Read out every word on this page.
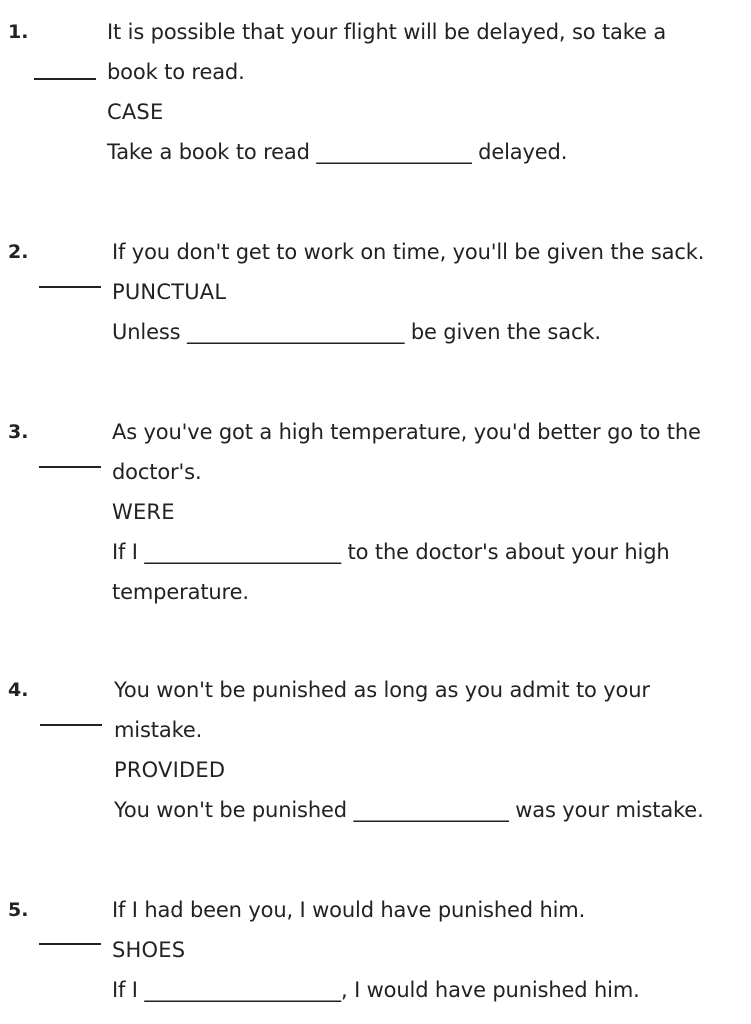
1.	It is possible that your flight will be delayed, so take a
book to read.
CASE
Take a book to read _______________ delayed.
2.	If you don't get to work on time, you'll be given the sack.
PUNCTUAL
Unless _____________________ be given the sack.
3.	As you've got a high temperature, you'd better go to the
doctor's.
WERE
If I ___________________ to the doctor's about your high
temperature.
4.	You won't be punished as long as you admit to your
mistake.
PROVIDED
You won't be punished _______________ was your mistake.
5.	If I had been you, I would have punished him.
SHOES
If I ___________________, I would have punished him.
